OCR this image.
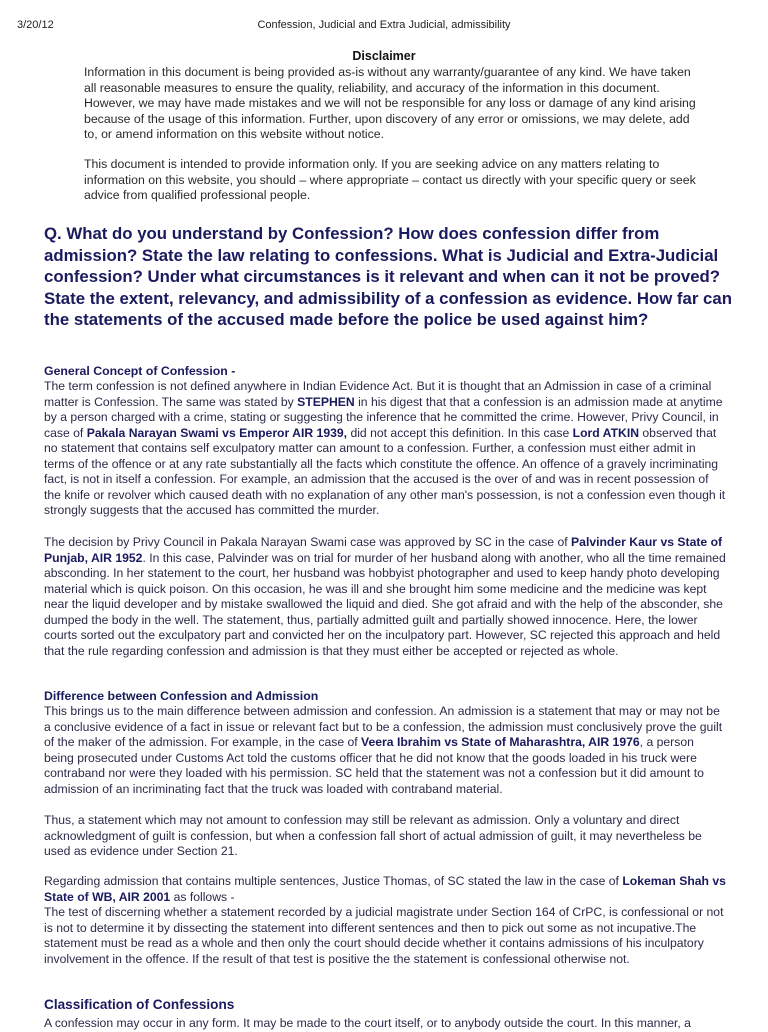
3/20/12	Confession, Judicial and Extra Judicial, admissibility
Disclaimer

Information in this document is being provided as-is without any warranty/guarantee of any kind. We have taken all reasonable measures to ensure the quality, reliability, and accuracy of the information in this document. However, we may have made mistakes and we will not be responsible for any loss or damage of any kind arising because of the usage of this information. Further, upon discovery of any error or omissions, we may delete, add to, or amend information on this website without notice.

This document is intended to provide information only. If you are seeking advice on any matters relating to information on this website, you should – where appropriate – contact us directly with your specific query or seek advice from qualified professional people.

Q. What do you understand by Confession? How does confession differ from admission? State the law relating to confessions. What is Judicial and Extra-Judicial confession? Under what circumstances is it relevant and when can it not be proved? State the extent, relevancy, and admissibility of a confession as evidence. How far can the statements of the accused made before the police be used against him?

General Concept of Confession -

The term confession is not defined anywhere in Indian Evidence Act. But it is thought that an Admission in case of a criminal matter is Confession. The same was stated by STEPHEN in his digest that that a confession is an admission made at anytime by a person charged with a crime, stating or suggesting the inference that he committed the crime. However, Privy Council, in case of Pakala Narayan Swami vs Emperor AIR 1939, did not accept this definition. In this case Lord ATKIN observed that no statement that contains self exculpatory matter can amount to a confession. Further, a confession must either admit in terms of the offence or at any rate substantially all the facts which constitute the offence. An offence of a gravely incriminating fact, is not in itself a confession. For example, an admission that the accused is the over of and was in recent possession of the knife or revolver which caused death with no explanation of any other man's possession, is not a confession even though it strongly suggests that the accused has committed the murder.

The decision by Privy Council in Pakala Narayan Swami case was approved by SC in the case of Palvinder Kaur vs State of Punjab, AIR 1952. In this case, Palvinder was on trial for murder of her husband along with another, who all the time remained absconding. In her statement to the court, her husband was hobbyist photographer and used to keep handy photo developing material which is quick poison. On this occasion, he was ill and she brought him some medicine and the medicine was kept near the liquid developer and by mistake swallowed the liquid and died. She got afraid and with the help of the absconder, she dumped the body in the well. The statement, thus, partially admitted guilt and partially showed innocence. Here, the lower courts sorted out the exculpatory part and convicted her on the inculpatory part. However, SC rejected this approach and held that the rule regarding confession and admission is that they must either be accepted or rejected as whole.

Difference between Confession and Admission

This brings us to the main difference between admission and confession. An admission is a statement that may or may not be a conclusive evidence of a fact in issue or relevant fact but to be a confession, the admission must conclusively prove the guilt of the maker of the admission. For example, in the case of Veera Ibrahim vs State of Maharashtra, AIR 1976, a person being prosecuted under Customs Act told the customs officer that he did not know that the goods loaded in his truck were contraband nor were they loaded with his permission. SC held that the statement was not a confession but it did amount to admission of an incriminating fact that the truck was loaded with contraband material.

Thus, a statement which may not amount to confession may still be relevant as admission. Only a voluntary and direct acknowledgment of guilt is confession, but when a confession fall short of actual admission of guilt, it may nevertheless be used as evidence under Section 21.

Regarding admission that contains multiple sentences, Justice Thomas, of SC stated the law in the case of Lokeman Shah vs State of WB, AIR 2001 as follows -
The test of discerning whether a statement recorded by a judicial magistrate under Section 164 of CrPC, is confessional or not is not to determine it by dissecting the statement into different sentences and then to pick out some as not incupative.The statement must be read as a whole and then only the court should decide whether it contains admissions of his inculpatory involvement in the offence. If the result of that test is positive the the statement is confessional otherwise not.

Classification of Confessions

A confession may occur in any form. It may be made to the court itself, or to anybody outside the court. In this manner, a
